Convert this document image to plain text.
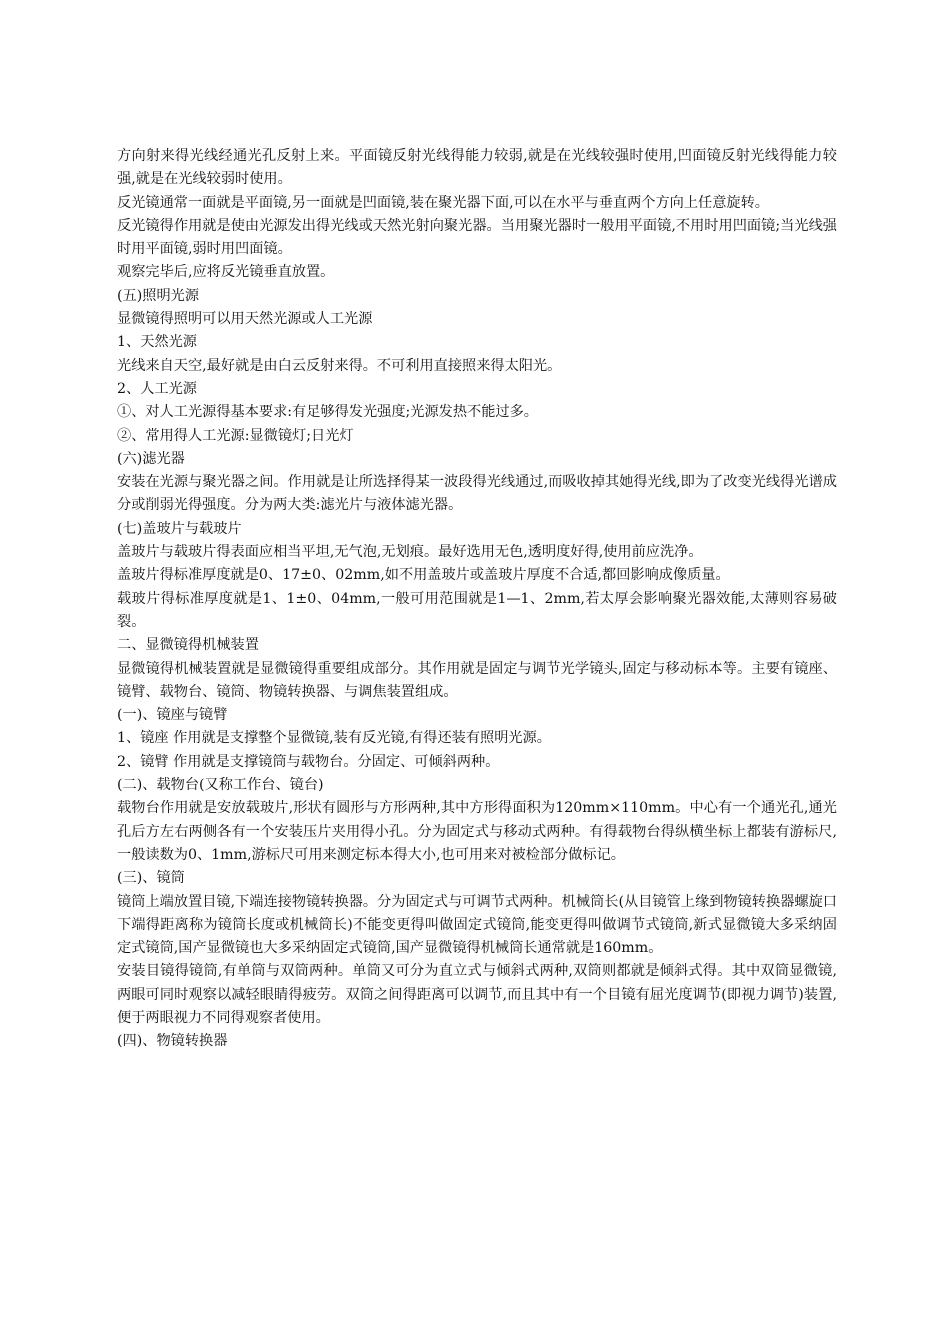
方向射来得光线经通光孔反射上来。平面镜反射光线得能力较弱,就是在光线较强时使用,凹面镜反射光线得能力较强,就是在光线较弱时使用。

反光镜通常一面就是平面镜,另一面就是凹面镜,装在聚光器下面,可以在水平与垂直两个方向上任意旋转。

反光镜得作用就是使由光源发出得光线或天然光射向聚光器。当用聚光器时一般用平面镜,不用时用凹面镜;当光线强时用平面镜,弱时用凹面镜。

观察完毕后,应将反光镜垂直放置。

(五)照明光源

显微镜得照明可以用天然光源或人工光源

1、天然光源

光线来自天空,最好就是由白云反射来得。不可利用直接照来得太阳光。

2、人工光源

①、对人工光源得基本要求:有足够得发光强度;光源发热不能过多。

②、常用得人工光源:显微镜灯;日光灯

(六)滤光器

安装在光源与聚光器之间。作用就是让所选择得某一波段得光线通过,而吸收掉其她得光线,即为了改变光线得光谱成分或削弱光得强度。分为两大类:滤光片与液体滤光器。

(七)盖玻片与载玻片

盖玻片与载玻片得表面应相当平坦,无气泡,无划痕。最好选用无色,透明度好得,使用前应洗净。

盖玻片得标准厚度就是0、17±0、02mm,如不用盖玻片或盖玻片厚度不合适,都回影响成像质量。

载玻片得标准厚度就是1、1±0、04mm,一般可用范围就是1—1、2mm,若太厚会影响聚光器效能,太薄则容易破裂。

二、显微镜得机械装置

显微镜得机械装置就是显微镜得重要组成部分。其作用就是固定与调节光学镜头,固定与移动标本等。主要有镜座、镜臂、载物台、镜筒、物镜转换器、与调焦装置组成。

(一)、镜座与镜臂

1、镜座 作用就是支撑整个显微镜,装有反光镜,有得还装有照明光源。

2、镜臂 作用就是支撑镜筒与载物台。分固定、可倾斜两种。

(二)、载物台(又称工作台、镜台)

载物台作用就是安放载玻片,形状有圆形与方形两种,其中方形得面积为120mm×110mm。中心有一个通光孔,通光孔后方左右两侧各有一个安装压片夹用得小孔。分为固定式与移动式两种。有得载物台得纵横坐标上都装有游标尺,一般读数为0、1mm,游标尺可用来测定标本得大小,也可用来对被检部分做标记。

(三)、镜筒

镜筒上端放置目镜,下端连接物镜转换器。分为固定式与可调节式两种。机械筒长(从目镜管上缘到物镜转换器螺旋口下端得距离称为镜筒长度或机械筒长)不能变更得叫做固定式镜筒,能变更得叫做调节式镜筒,新式显微镜大多采纳固定式镜筒,国产显微镜也大多采纳固定式镜筒,国产显微镜得机械筒长通常就是160mm。

安装目镜得镜筒,有单筒与双筒两种。单筒又可分为直立式与倾斜式两种,双筒则都就是倾斜式得。其中双筒显微镜,两眼可同时观察以减轻眼睛得疲劳。双筒之间得距离可以调节,而且其中有一个目镜有屈光度调节(即视力调节)装置,便于两眼视力不同得观察者使用。

(四)、物镜转换器
